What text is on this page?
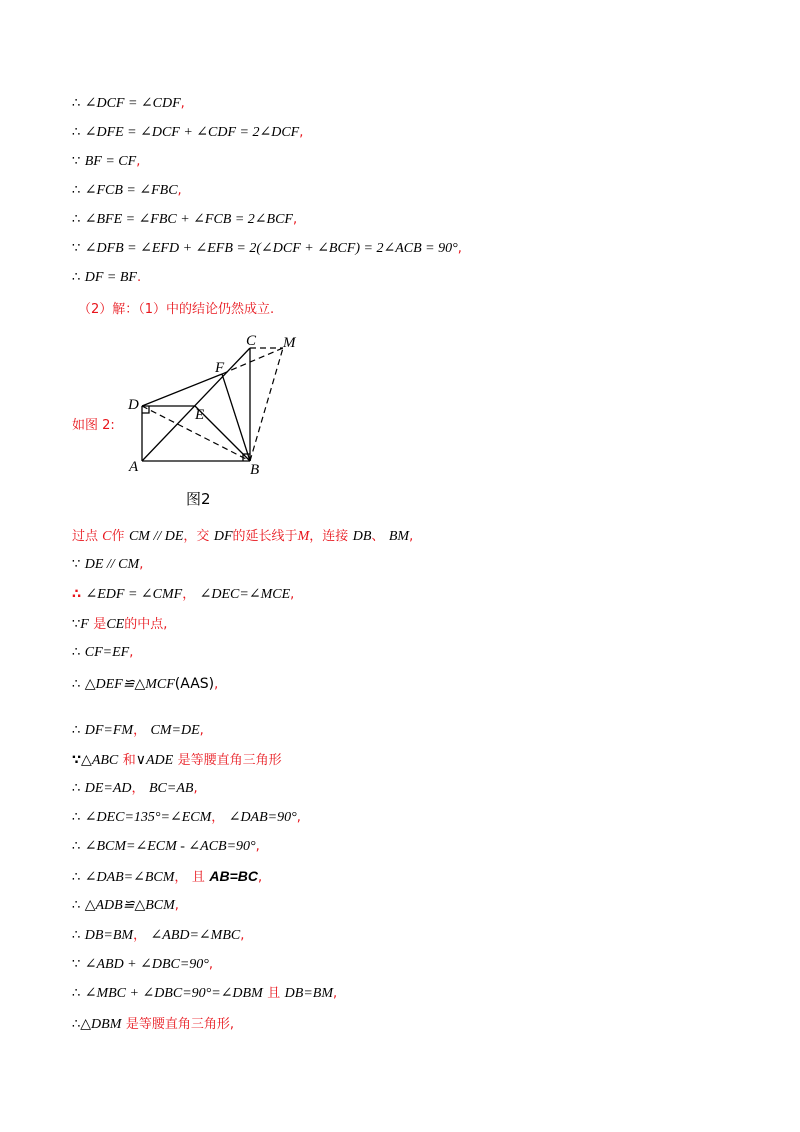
∴ ∠DCF = ∠CDF,
∴ ∠DFE = ∠DCF + ∠CDF = 2∠DCF,
∵ BF = CF,
∴ ∠FCB = ∠FBC,
∴ ∠BFE = ∠FBC + ∠FCB = 2∠BCF,
∵ ∠DFB = ∠EFD + ∠EFB = 2(∠DCF + ∠BCF) = 2∠ACB = 90°,
∴ DF = BF.
（2）解：（1）中的结论仍然成立.
如图 2:
A	B
C
D
E
F
M
图2
过点 C作 CM // DE，交 DF的延长线于M，连接 DB、 BM,
∵ DE // CM,
∴ ∠EDF = ∠CMF， ∠DEC=∠MCE,
∵F 是CE的中点,
∴ CF=EF,
∴ △DEF≌△MCF(AAS),
∴ DF=FM， CM=DE,
∵△ABC 和∨ADE 是等腰直角三角形
∴ DE=AD， BC=AB,
∴ ∠DEC=135°=∠ECM， ∠DAB=90°,
∴ ∠BCM=∠ECM - ∠ACB=90°,
∴ ∠DAB=∠BCM， 且 AB=BC,
∴ △ADB≌△BCM,
∴ DB=BM， ∠ABD=∠MBC,
∵ ∠ABD + ∠DBC=90°,
∴ ∠MBC + ∠DBC=90°=∠DBM 且 DB=BM,
∴△DBM 是等腰直角三角形,
